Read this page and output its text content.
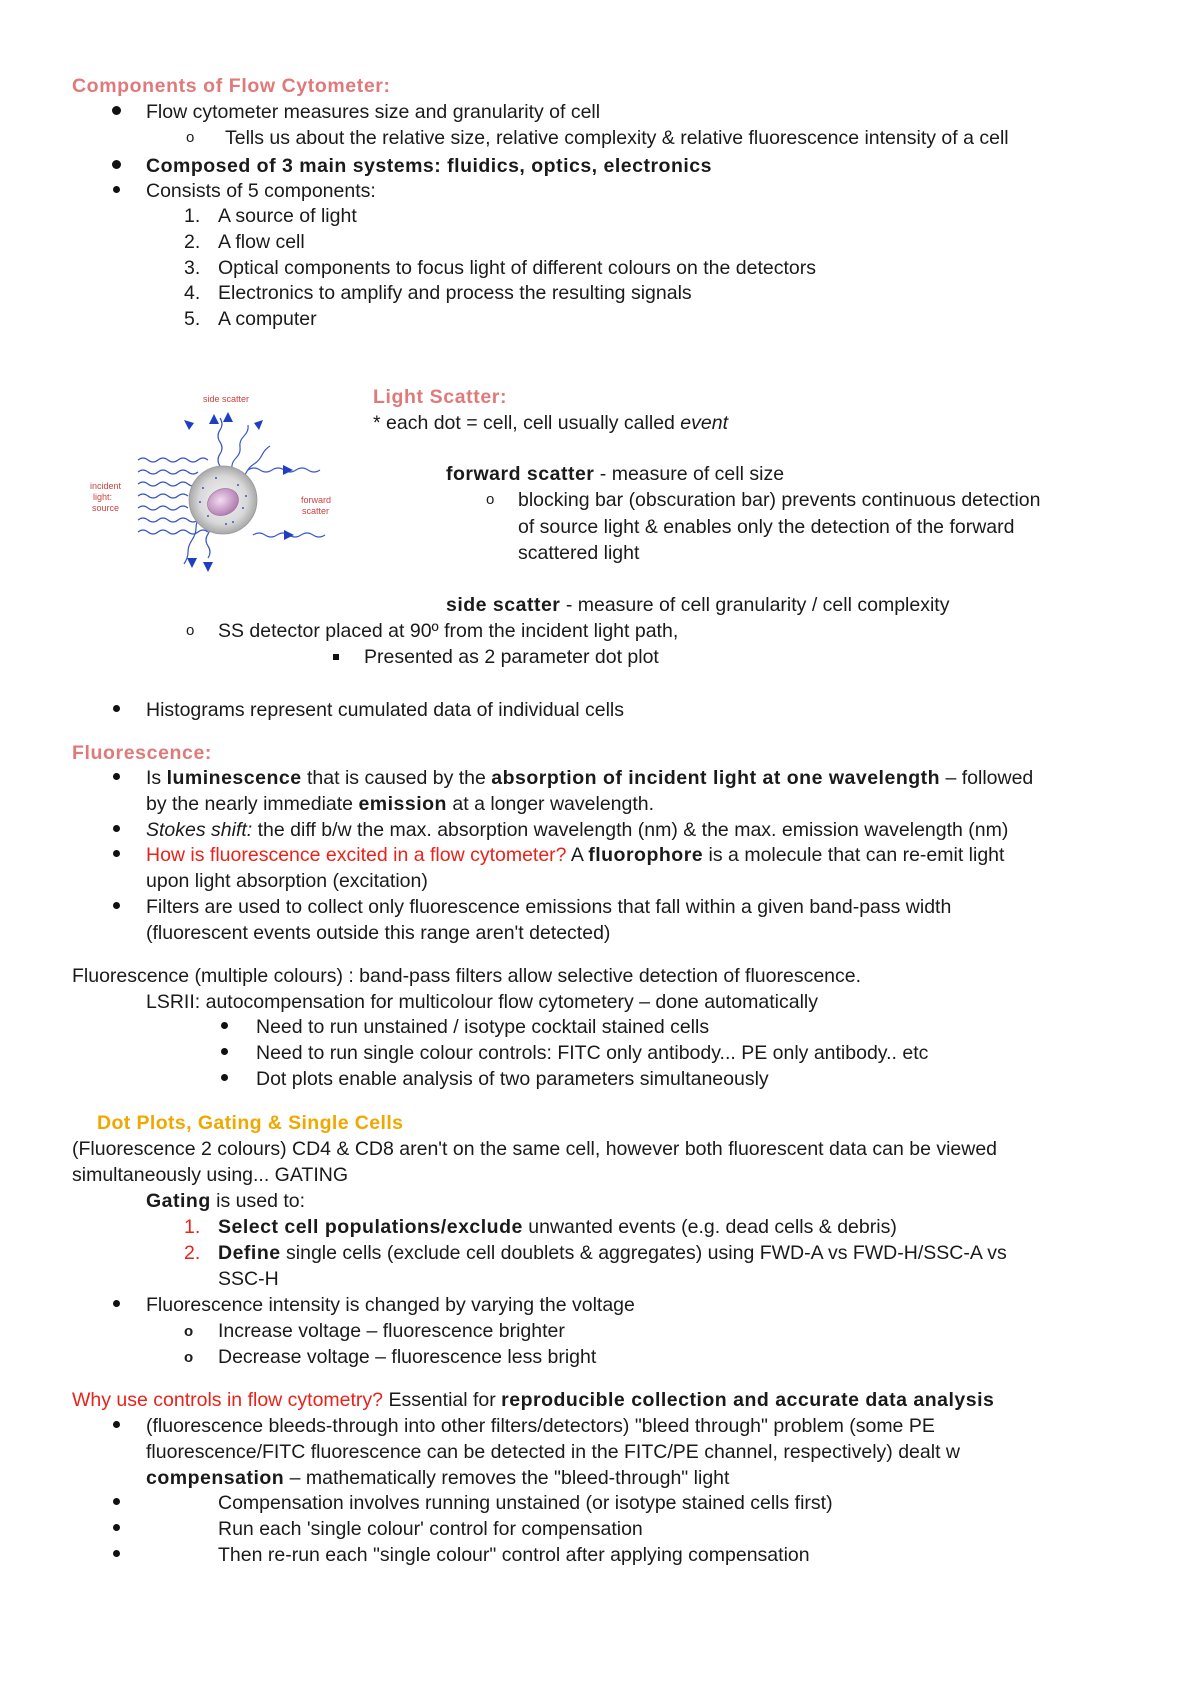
Components of Flow Cytometer:
Flow cytometer measures size and granularity of cell
o Tells us about the relative size, relative complexity & relative fluorescence intensity of a cell
Composed of 3 main systems: fluidics, optics, electronics
Consists of 5 components:
1. A source of light
2. A flow cell
3. Optical components to focus light of different colours on the detectors
4. Electronics to amplify and process the resulting signals
5. A computer
side scatter
incident
light:
source
forward
scatter
Light Scatter:
* each dot = cell, cell usually called event
forward scatter - measure of cell size
o blocking bar (obscuration bar) prevents continuous detection
of source light & enables only the detection of the forward
scattered light
side scatter - measure of cell granularity / cell complexity
o SS detector placed at 90º from the incident light path,
Presented as 2 parameter dot plot
Histograms represent cumulated data of individual cells
Fluorescence:
Is luminescence that is caused by the absorption of incident light at one wavelength – followed
by the nearly immediate emission at a longer wavelength.
Stokes shift: the diff b/w the max. absorption wavelength (nm) & the max. emission wavelength (nm)
How is fluorescence excited in a flow cytometer? A fluorophore is a molecule that can re-emit light
upon light absorption (excitation)
Filters are used to collect only fluorescence emissions that fall within a given band-pass width
(fluorescent events outside this range aren't detected)
Fluorescence (multiple colours) : band-pass filters allow selective detection of fluorescence.
LSRII: autocompensation for multicolour flow cytometery – done automatically
Need to run unstained / isotype cocktail stained cells
Need to run single colour controls: FITC only antibody... PE only antibody.. etc
Dot plots enable analysis of two parameters simultaneously
Dot Plots, Gating & Single Cells
(Fluorescence 2 colours) CD4 & CD8 aren't on the same cell, however both fluorescent data can be viewed
simultaneously using... GATING
Gating is used to:
1. Select cell populations/exclude unwanted events (e.g. dead cells & debris)
2. Define single cells (exclude cell doublets & aggregates) using FWD-A vs FWD-H/SSC-A vs
SSC-H
Fluorescence intensity is changed by varying the voltage
o Increase voltage – fluorescence brighter
o Decrease voltage – fluorescence less bright
Why use controls in flow cytometry? Essential for reproducible collection and accurate data analysis
(fluorescence bleeds-through into other filters/detectors) "bleed through" problem (some PE
fluorescence/FITC fluorescence can be detected in the FITC/PE channel, respectively) dealt w
compensation – mathematically removes the "bleed-through" light
Compensation involves running unstained (or isotype stained cells first)
Run each 'single colour' control for compensation
Then re-run each "single colour" control after applying compensation
